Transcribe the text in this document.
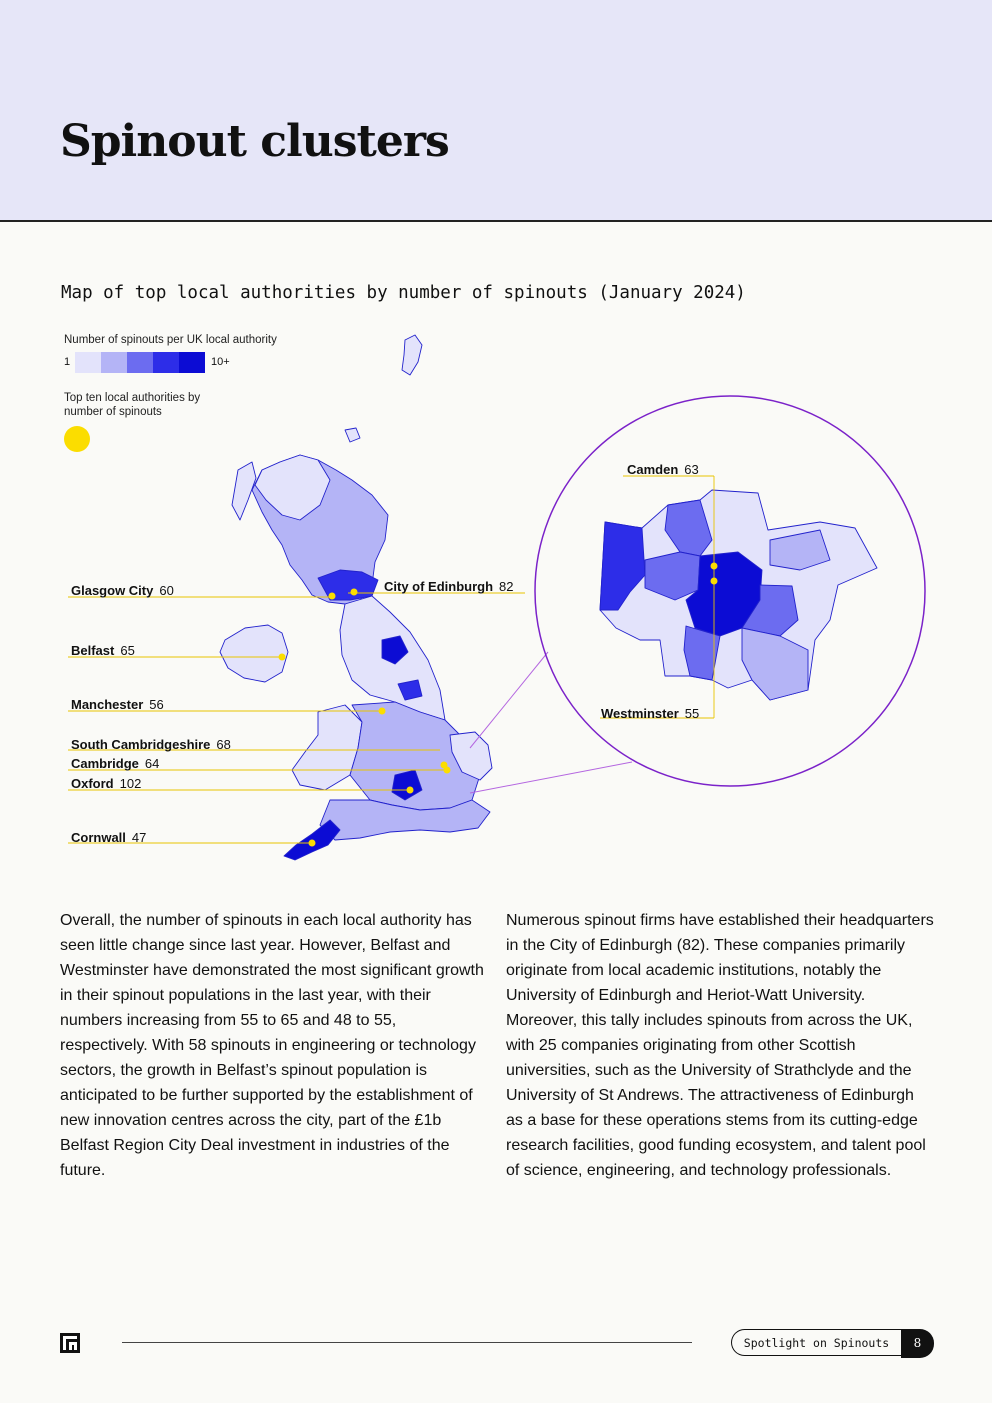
Spinout clusters
Map of top local authorities by number of spinouts (January 2024)
Number of spinouts per UK local authority
1	10+
Top ten local authorities by number of spinouts
Glasgow City 60	City of Edinburgh 82
Belfast 65
Manchester 56
South Cambridgeshire 68
Cambridge 64
Oxford 102
Cornwall 47
Camden 63
Westminster 55
Overall, the number of spinouts in each local authority has seen little change since last year. However, Belfast and Westminster have demonstrated the most significant growth in their spinout populations in the last year, with their numbers increasing from 55 to 65 and 48 to 55, respectively. With 58 spinouts in engineering or technology sectors, the growth in Belfast’s spinout population is anticipated to be further supported by the establishment of new innovation centres across the city, part of the £1b Belfast Region City Deal investment in industries of the future.
Numerous spinout firms have established their headquarters in the City of Edinburgh (82). These companies primarily originate from local academic institutions, notably the University of Edinburgh and Heriot-Watt University. Moreover, this tally includes spinouts from across the UK, with 25 companies originating from other Scottish universities, such as the University of Strathclyde and the University of St Andrews. The attractiveness of Edinburgh as a base for these operations stems from its cutting-edge research facilities, good funding ecosystem, and talent pool of science, engineering, and technology professionals.
Spotlight on Spinouts	8
